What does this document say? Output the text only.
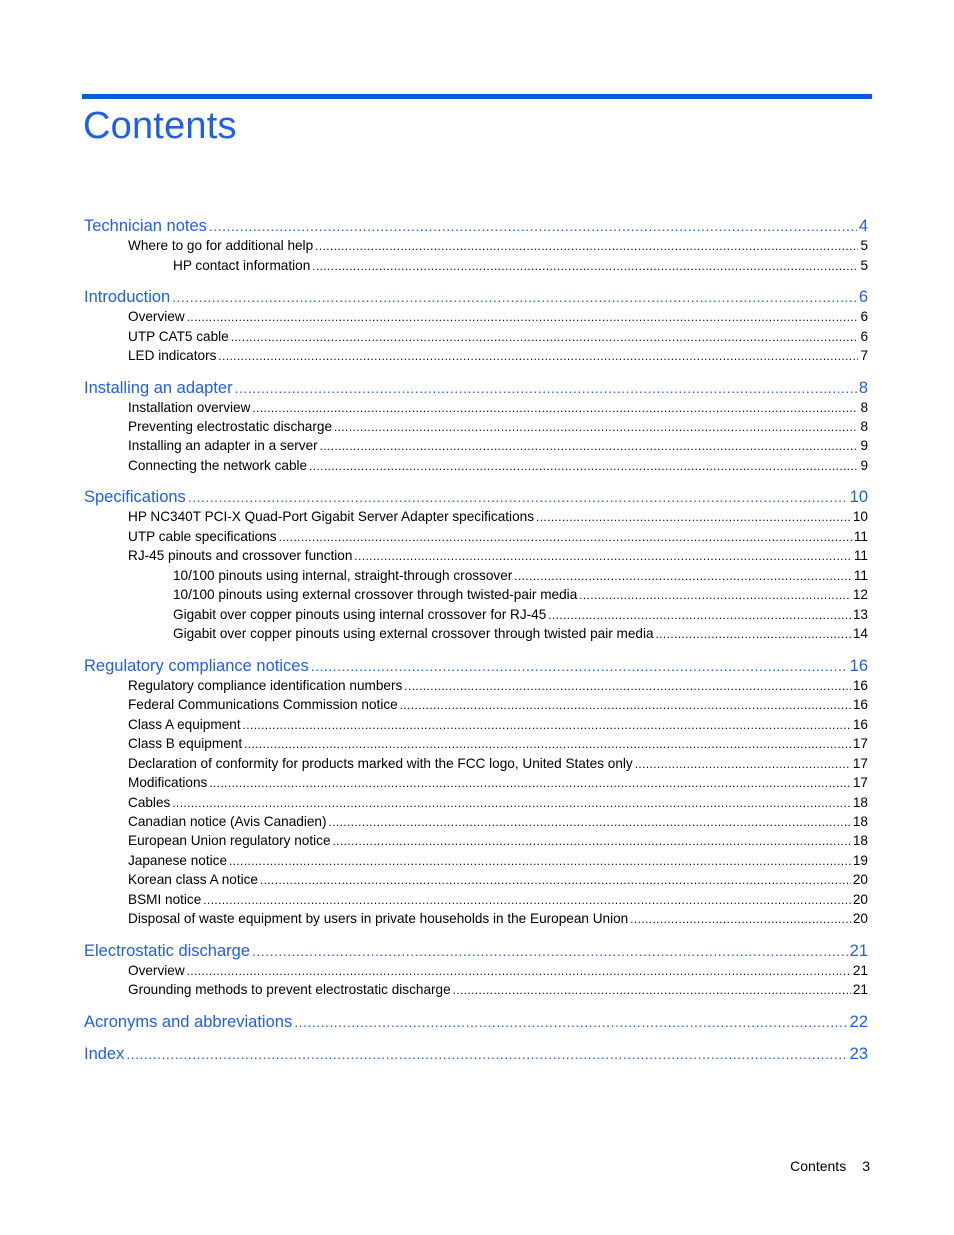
Contents
Technician notes .....	4
Where to go for additional help .....	5
HP contact information .....	5
Introduction .....	6
Overview .....	6
UTP CAT5 cable .....	6
LED indicators .....	7
Installing an adapter .....	8
Installation overview .....	8
Preventing electrostatic discharge .....	8
Installing an adapter in a server .....	9
Connecting the network cable .....	9
Specifications .....	10
HP NC340T PCI-X Quad-Port Gigabit Server Adapter specifications .....	10
UTP cable specifications .....	11
RJ-45 pinouts and crossover function .....	11
10/100 pinouts using internal, straight-through crossover .....	11
10/100 pinouts using external crossover through twisted-pair media .....	12
Gigabit over copper pinouts using internal crossover for RJ-45 .....	13
Gigabit over copper pinouts using external crossover through twisted pair media .....	14
Regulatory compliance notices .....	16
Regulatory compliance identification numbers .....	16
Federal Communications Commission notice .....	16
Class A equipment .....	16
Class B equipment .....	17
Declaration of conformity for products marked with the FCC logo, United States only .....	17
Modifications .....	17
Cables .....	18
Canadian notice (Avis Canadien) .....	18
European Union regulatory notice .....	18
Japanese notice .....	19
Korean class A notice .....	20
BSMI notice .....	20
Disposal of waste equipment by users in private households in the European Union .....	20
Electrostatic discharge .....	21
Overview .....	21
Grounding methods to prevent electrostatic discharge .....	21
Acronyms and abbreviations .....	22
Index .....	23
Contents 3
